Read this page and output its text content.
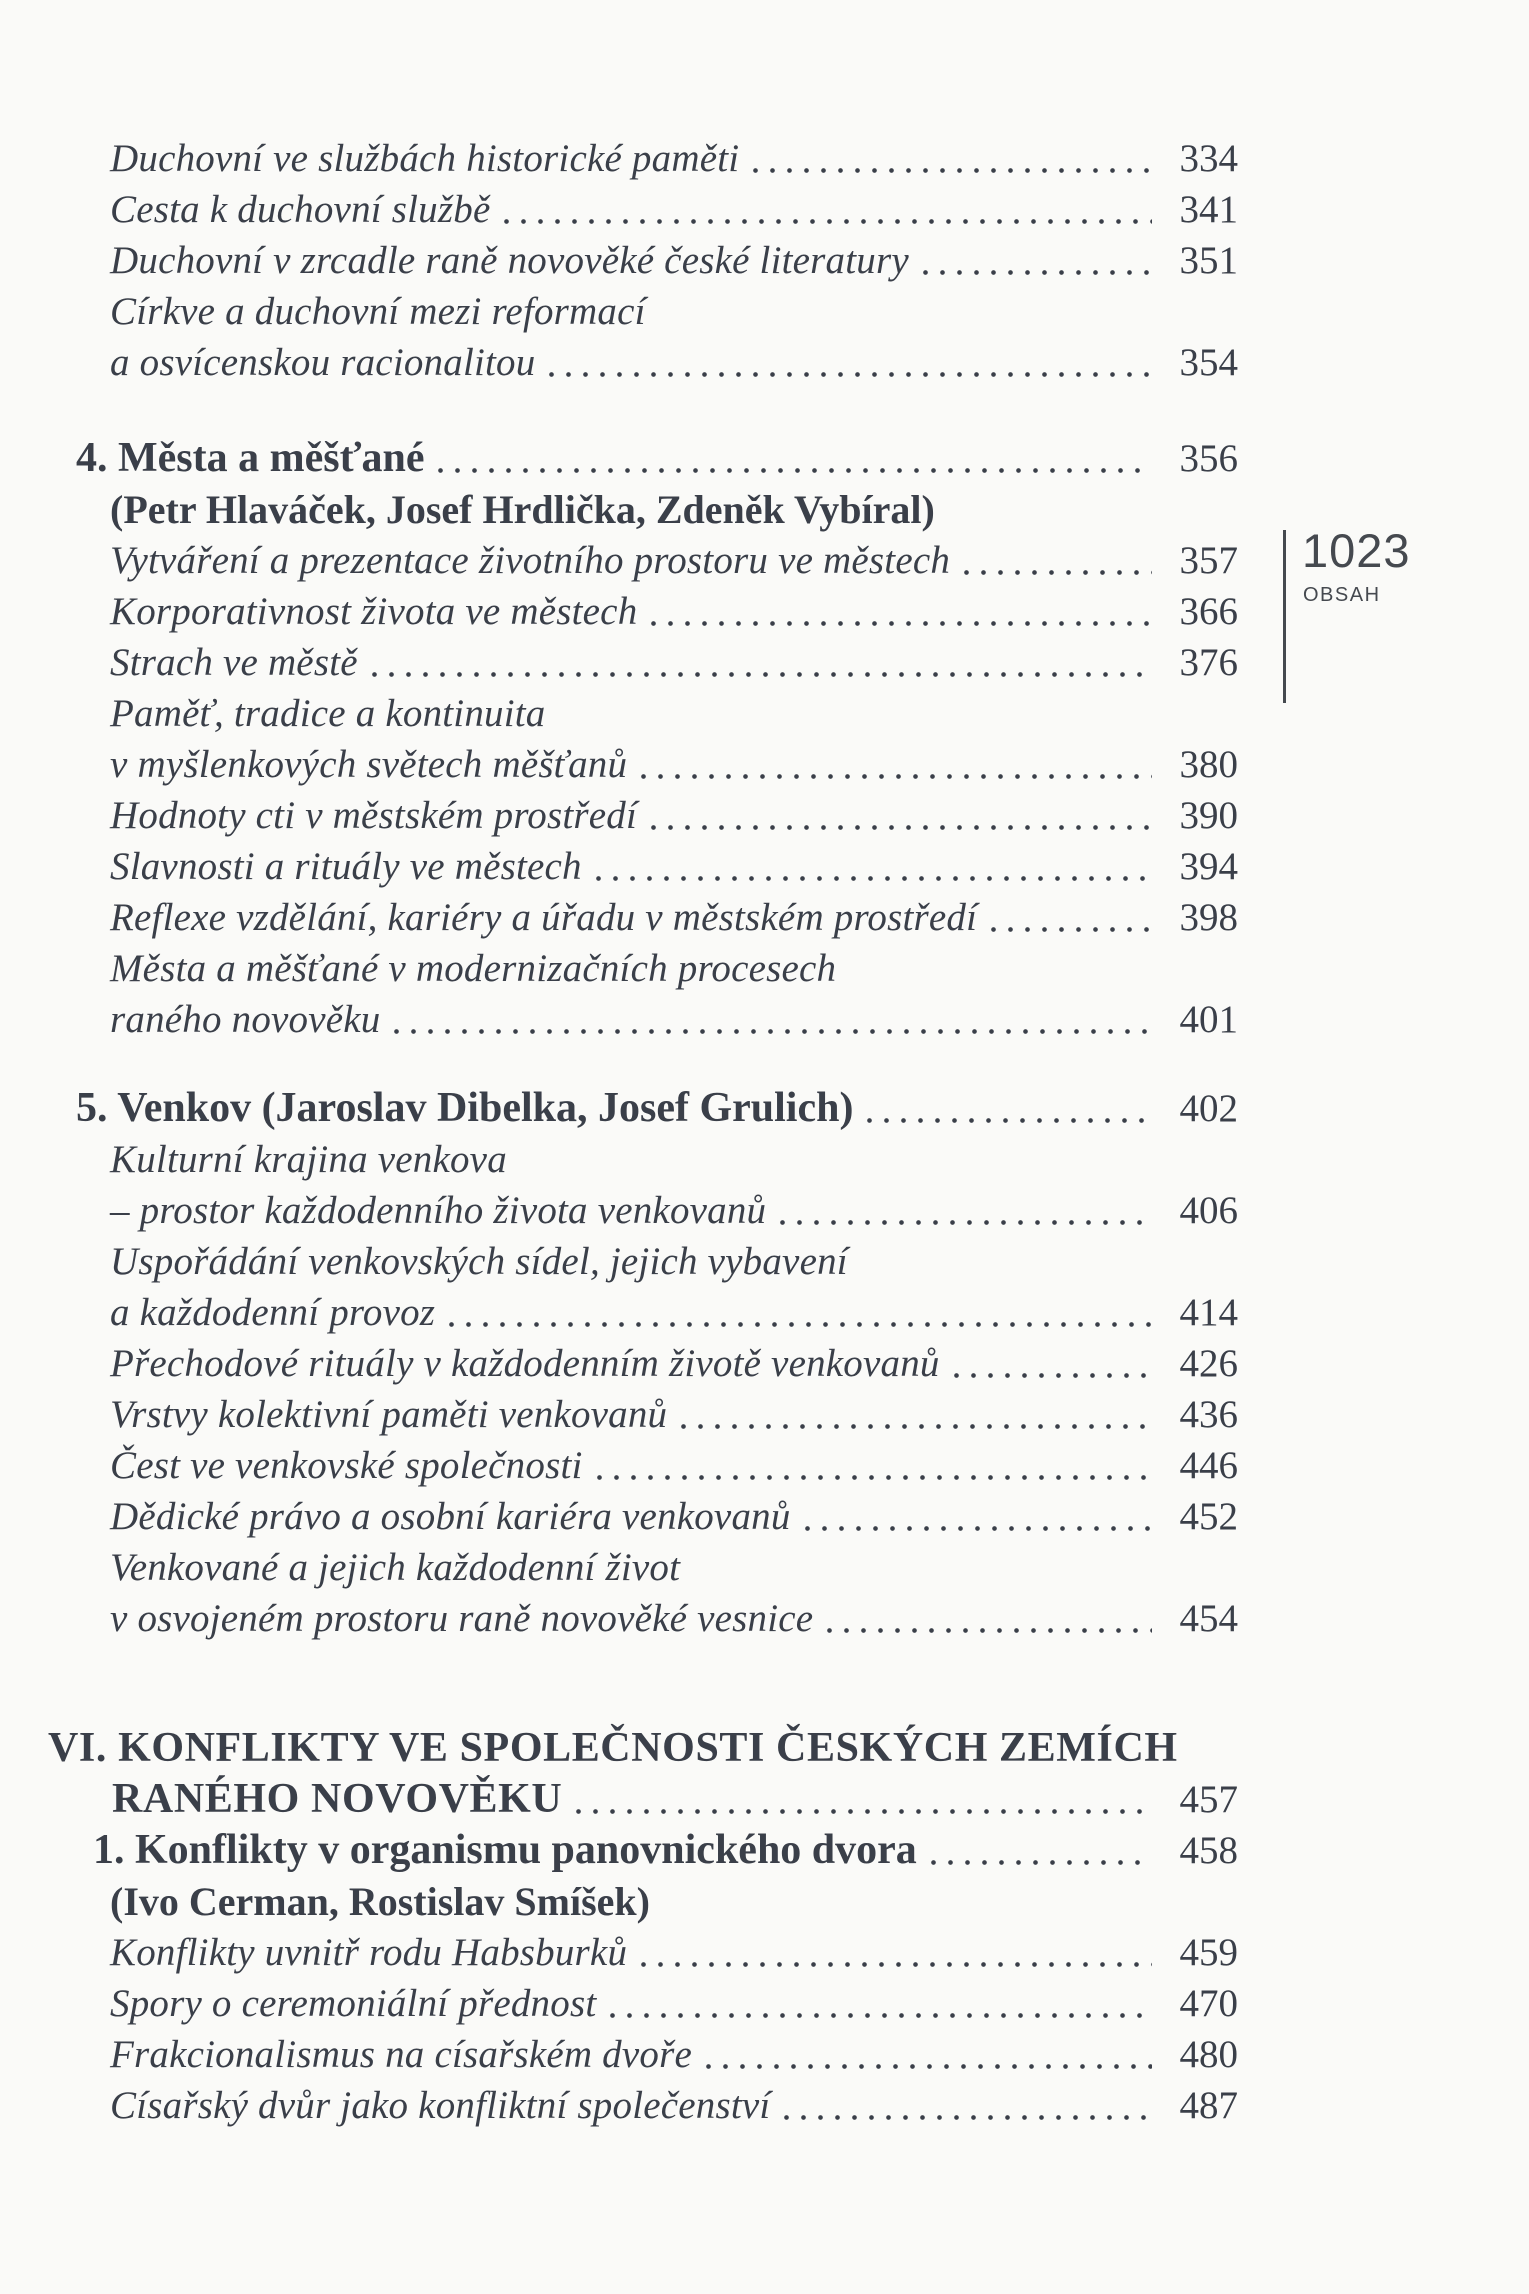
Duchovní ve službách historické paměti	334
Cesta k duchovní službě	341
Duchovní v zrcadle raně novověké české literatury	351
Církve a duchovní mezi reformací
a osvícenskou racionalitou	354
4. Města a měšťané	356
(Petr Hlaváček, Josef Hrdlička, Zdeněk Vybíral)
Vytváření a prezentace životního prostoru ve městech	357
Korporativnost života ve městech	366
Strach ve městě	376
Paměť, tradice a kontinuita
v myšlenkových světech měšťanů	380
Hodnoty cti v městském prostředí	390
Slavnosti a rituály ve městech	394
Reflexe vzdělání, kariéry a úřadu v městském prostředí	398
Města a měšťané v modernizačních procesech
raného novověku	401
5. Venkov (Jaroslav Dibelka, Josef Grulich)	402
Kulturní krajina venkova
– prostor každodenního života venkovanů	406
Uspořádání venkovských sídel, jejich vybavení
a každodenní provoz	414
Přechodové rituály v každodenním životě venkovanů	426
Vrstvy kolektivní paměti venkovanů	436
Čest ve venkovské společnosti	446
Dědické právo a osobní kariéra venkovanů	452
Venkované a jejich každodenní život
v osvojeném prostoru raně novověké vesnice	454
VI. KONFLIKTY VE SPOLEČNOSTI ČESKÝCH ZEMÍCH
RANÉHO NOVOVĚKU	457
1. Konflikty v organismu panovnického dvora	458
(Ivo Cerman, Rostislav Smíšek)
Konflikty uvnitř rodu Habsburků	459
Spory o ceremoniální přednost	470
Frakcionalismus na císařském dvoře	480
Císařský dvůr jako konfliktní společenství	487
1023
OBSAH
